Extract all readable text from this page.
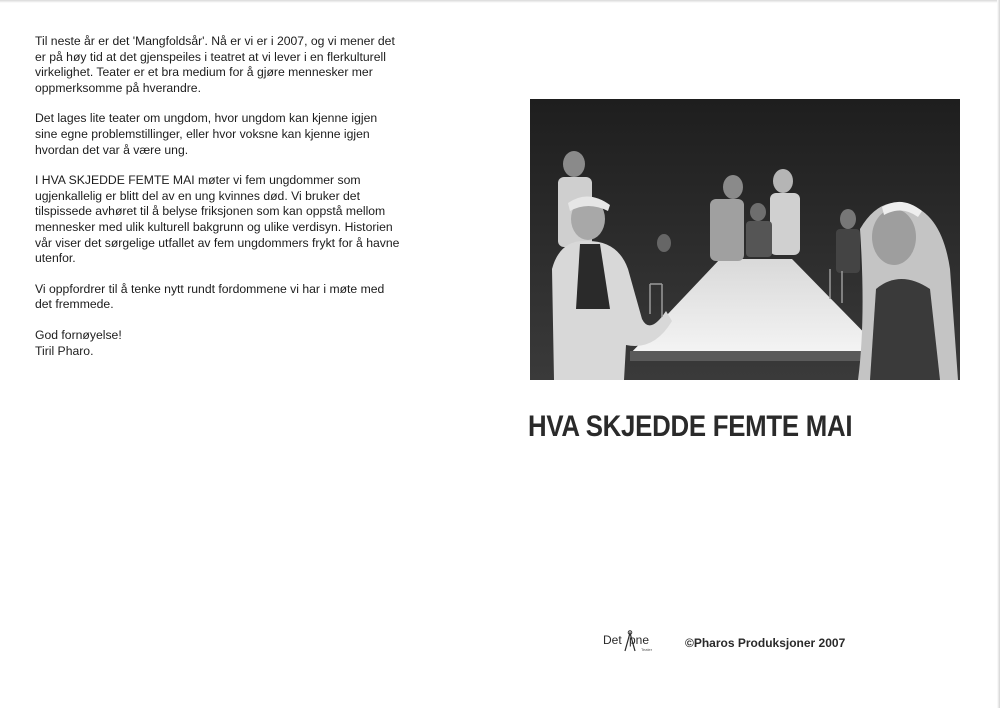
Til neste år er det 'Mangfoldsår'. Nå er vi er i 2007, og vi mener det
er på høy tid at det gjenspeiles i teatret at vi lever i en flerkulturell
virkelighet. Teater er et bra medium for å gjøre mennesker mer
oppmerksomme på hverandre.

Det lages lite teater om ungdom, hvor ungdom kan kjenne igjen
sine egne problemstillinger, eller hvor voksne kan kjenne igjen
hvordan det var å være ung.

I HVA SKJEDDE FEMTE MAI møter vi fem ungdommer som
ugjenkallelig er blitt del av en ung kvinnes død. Vi bruker det
tilspissede avhøret til å belyse friksjonen som kan oppstå mellom
mennesker med ulik kulturell bakgrunn og ulike verdisyn. Historien
vår viser det sørgelige utfallet av fem ungdommers frykt for å havne
utenfor.

Vi oppfordrer til å tenke nytt rundt fordommene vi har i møte med
det fremmede.

God fornøyelse!
Tiril Pharo.

HVA SKJEDDE FEMTE MAI
Det pne
Teater	©Pharos Produksjoner 2007
